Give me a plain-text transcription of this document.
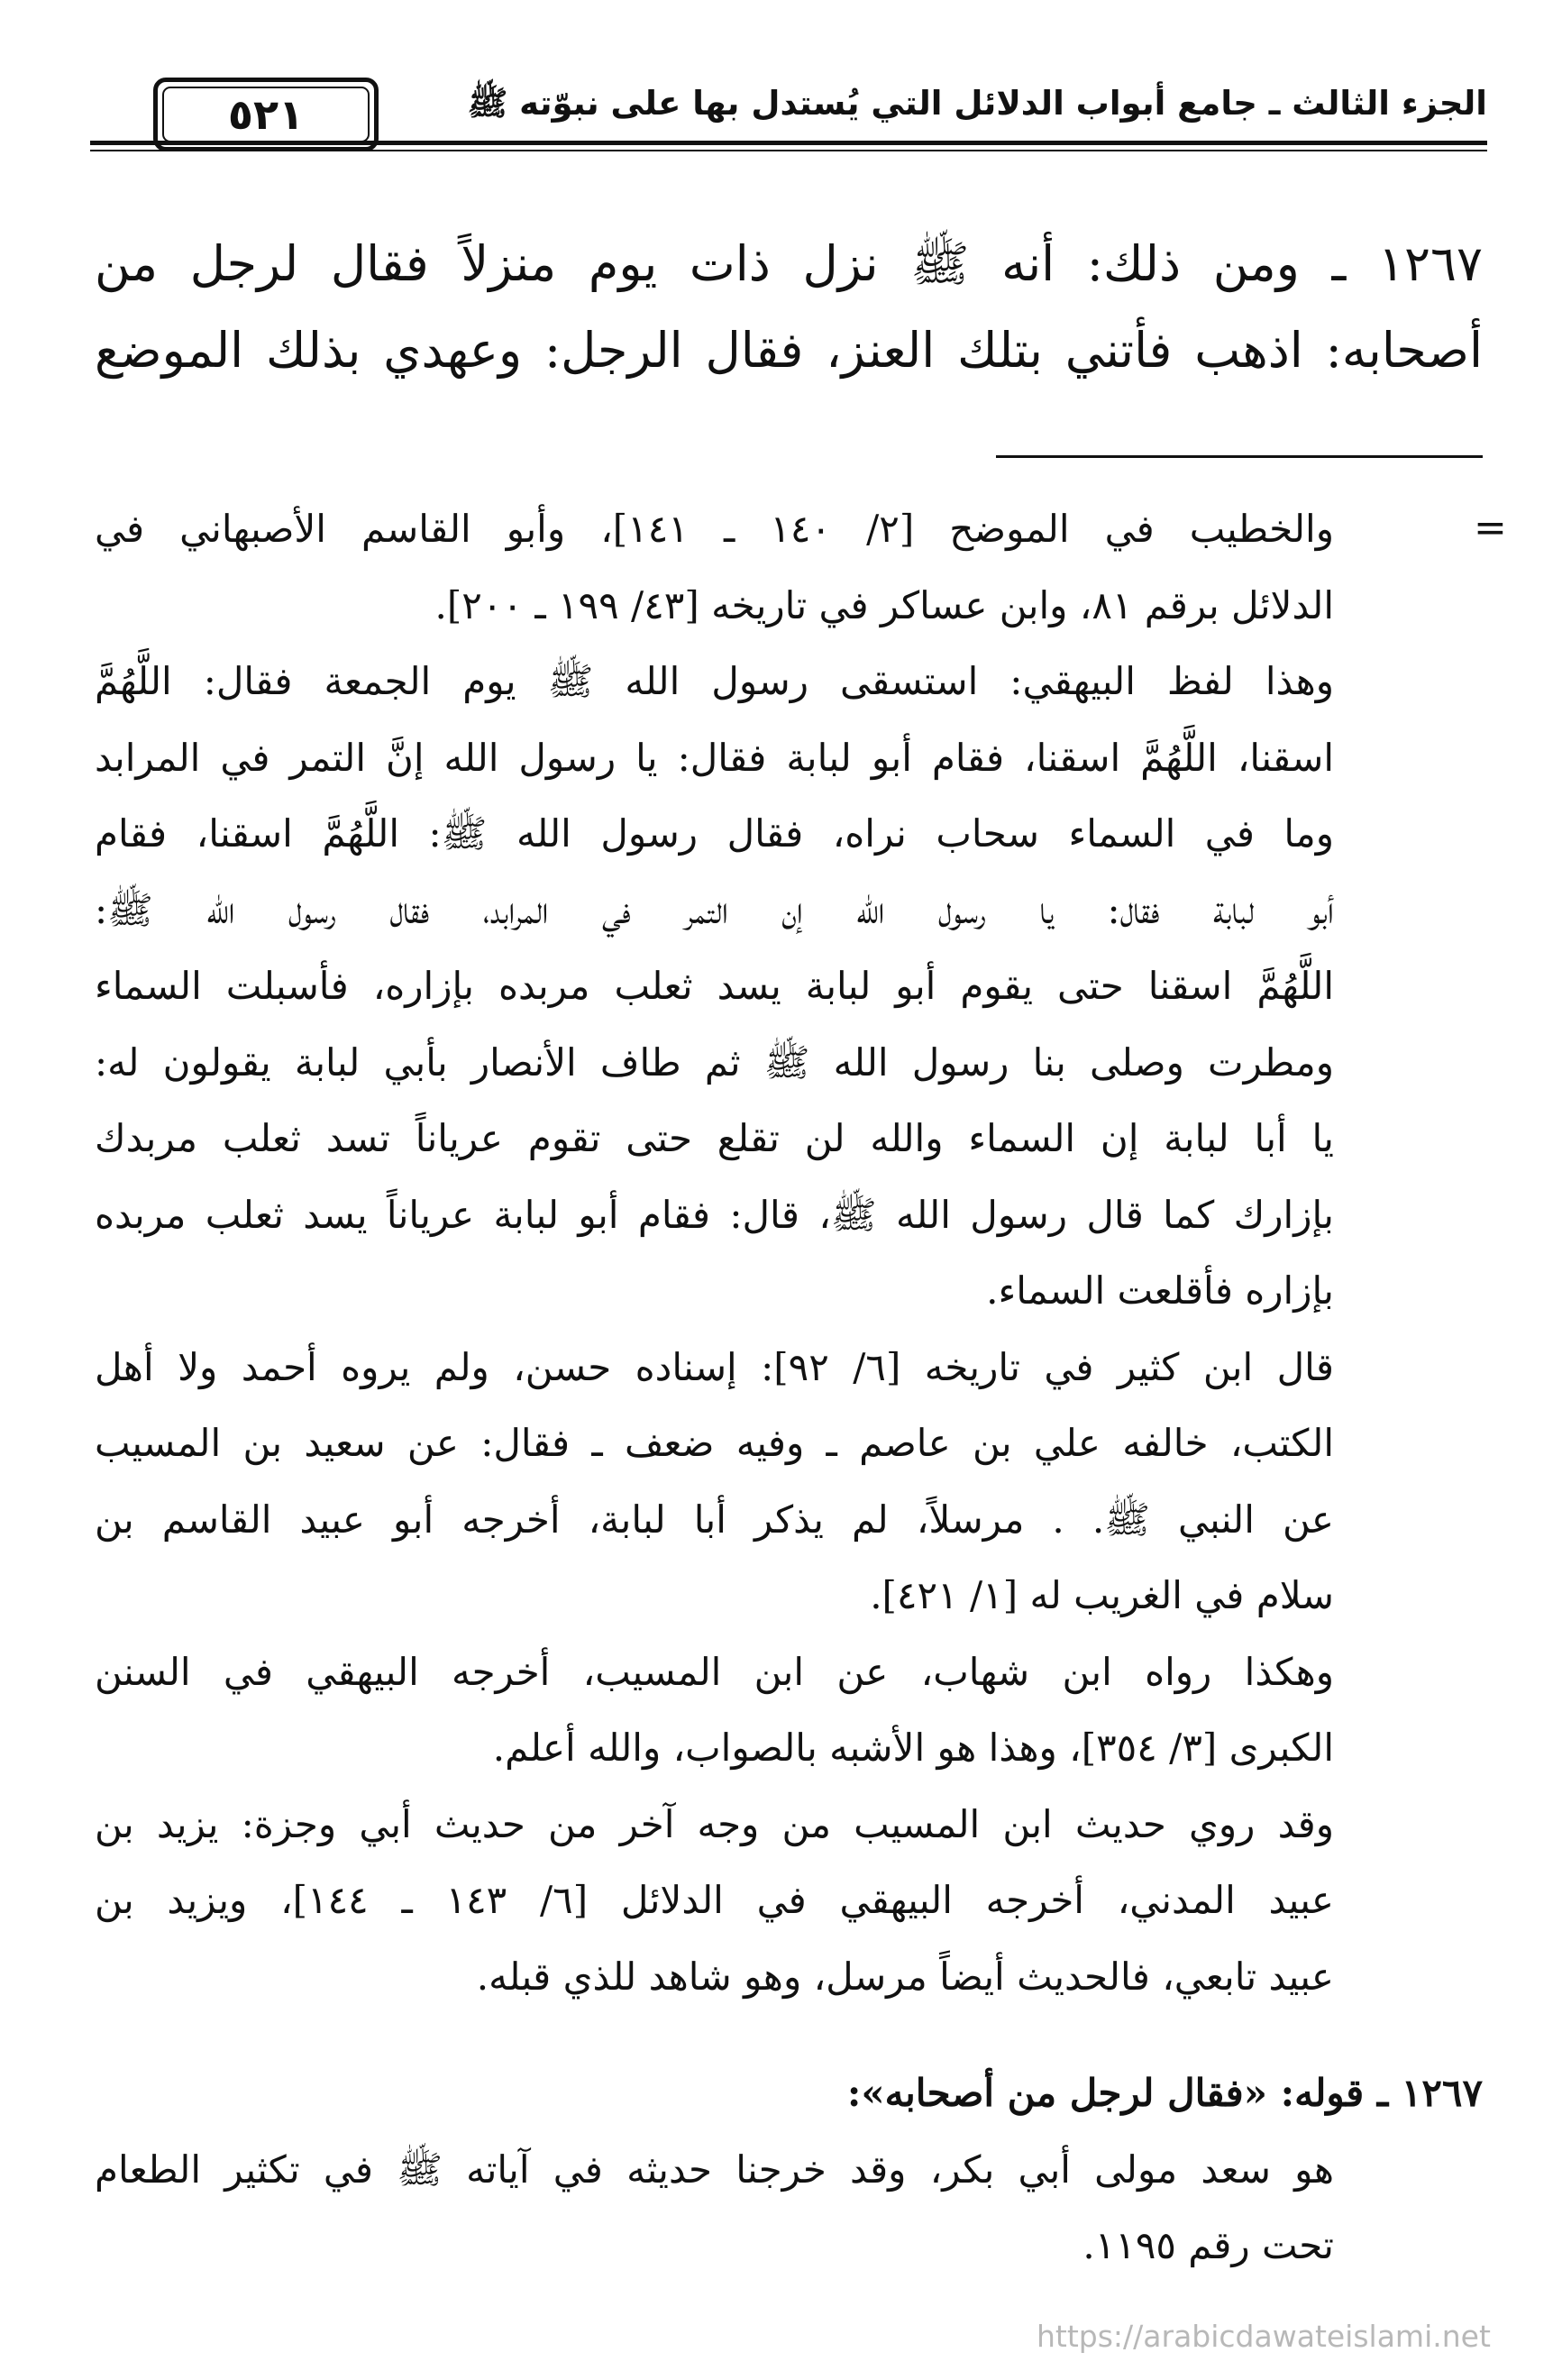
الجزء الثالث ـ جامع أبواب الدلائل التي يُستدل بها على نبوّته ﷺ
٥٢١
١٢٦٧ ـ ومن ذلك: أنه ﷺ نزل ذات يوم منزلاً فقال لرجل من
أصحابه: اذهب فأتني بتلك العنز، فقال الرجل: وعهدي بذلك الموضع
=
والخطيب في الموضح [٢/ ١٤٠ ـ ١٤١]، وأبو القاسم الأصبهاني في
الدلائل برقم ٨١، وابن عساكر في تاريخه [٤٣/ ١٩٩ ـ ٢٠٠].
وهذا لفظ البيهقي: استسقى رسول الله ﷺ يوم الجمعة فقال: اللَّهُمَّ
اسقنا، اللَّهُمَّ اسقنا، فقام أبو لبابة فقال: يا رسول الله إنَّ التمر في المرابد
وما في السماء سحاب نراه، فقال رسول الله ﷺ: اللَّهُمَّ اسقنا، فقام
أبو لبابة فقال: يا رسول الله إن التمر في المرابد، فقال رسول الله ﷺ:
اللَّهُمَّ اسقنا حتى يقوم أبو لبابة يسد ثعلب مربده بإزاره، فأسبلت السماء
ومطرت وصلى بنا رسول الله ﷺ ثم طاف الأنصار بأبي لبابة يقولون له:
يا أبا لبابة إن السماء والله لن تقلع حتى تقوم عرياناً تسد ثعلب مربدك
بإزارك كما قال رسول الله ﷺ، قال: فقام أبو لبابة عرياناً يسد ثعلب مربده
بإزاره فأقلعت السماء.
قال ابن كثير في تاريخه [٦/ ٩٢]: إسناده حسن، ولم يروه أحمد ولا أهل
الكتب، خالفه علي بن عاصم ـ وفيه ضعف ـ فقال: عن سعيد بن المسيب
عن النبي ﷺ. . مرسلاً، لم يذكر أبا لبابة، أخرجه أبو عبيد القاسم بن
سلام في الغريب له [١/ ٤٢١].
وهكذا رواه ابن شهاب، عن ابن المسيب، أخرجه البيهقي في السنن
الكبرى [٣/ ٣٥٤]، وهذا هو الأشبه بالصواب، والله أعلم.
وقد روي حديث ابن المسيب من وجه آخر من حديث أبي وجزة: يزيد بن
عبيد المدني، أخرجه البيهقي في الدلائل [٦/ ١٤٣ ـ ١٤٤]، ويزيد بن
عبيد تابعي، فالحديث أيضاً مرسل، وهو شاهد للذي قبله.
١٢٦٧ ـ قوله: «فقال لرجل من أصحابه»:
هو سعد مولى أبي بكر، وقد خرجنا حديثه في آياته ﷺ في تكثير الطعام
تحت رقم ١١٩٥.
https://arabicdawateislami.net
